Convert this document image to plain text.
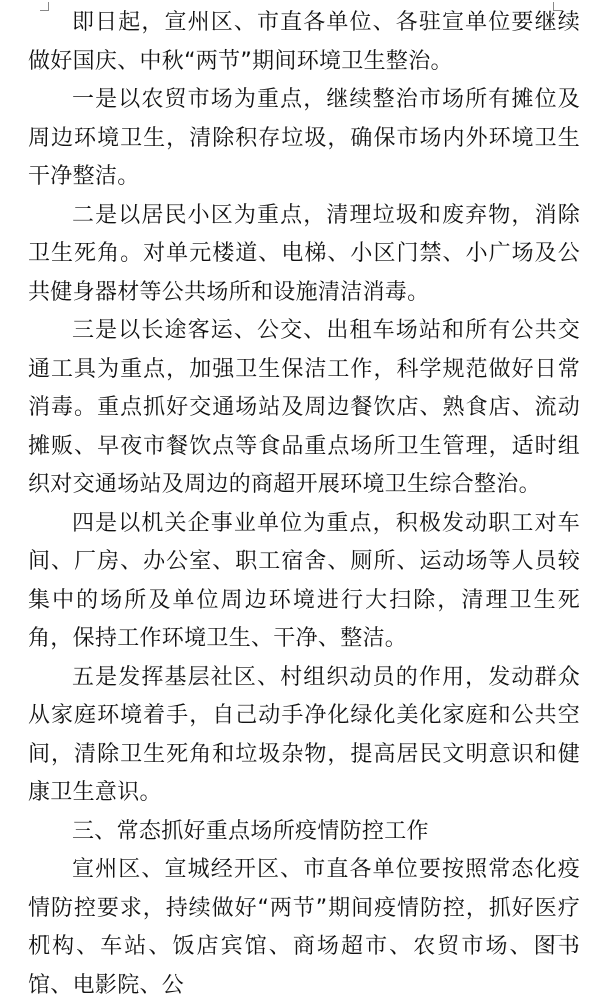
即日起，宣州区、市直各单位、各驻宣单位要继续做好国庆、中秋“两节”期间环境卫生整治。

一是以农贸市场为重点，继续整治市场所有摊位及周边环境卫生，清除积存垃圾，确保市场内外环境卫生干净整洁。

二是以居民小区为重点，清理垃圾和废弃物，消除卫生死角。对单元楼道、电梯、小区门禁、小广场及公共健身器材等公共场所和设施清洁消毒。

三是以长途客运、公交、出租车场站和所有公共交通工具为重点，加强卫生保洁工作，科学规范做好日常消毒。重点抓好交通场站及周边餐饮店、熟食店、流动摊贩、早夜市餐饮点等食品重点场所卫生管理，适时组织对交通场站及周边的商超开展环境卫生综合整治。

四是以机关企事业单位为重点，积极发动职工对车间、厂房、办公室、职工宿舍、厕所、运动场等人员较集中的场所及单位周边环境进行大扫除，清理卫生死角，保持工作环境卫生、干净、整洁。

五是发挥基层社区、村组织动员的作用，发动群众从家庭环境着手，自己动手净化绿化美化家庭和公共空间，清除卫生死角和垃圾杂物，提高居民文明意识和健康卫生意识。

三、常态抓好重点场所疫情防控工作

宣州区、宣城经开区、市直各单位要按照常态化疫情防控要求，持续做好“两节”期间疫情防控，抓好医疗机构、车站、饭店宾馆、商场超市、农贸市场、图书馆、电影院、公
